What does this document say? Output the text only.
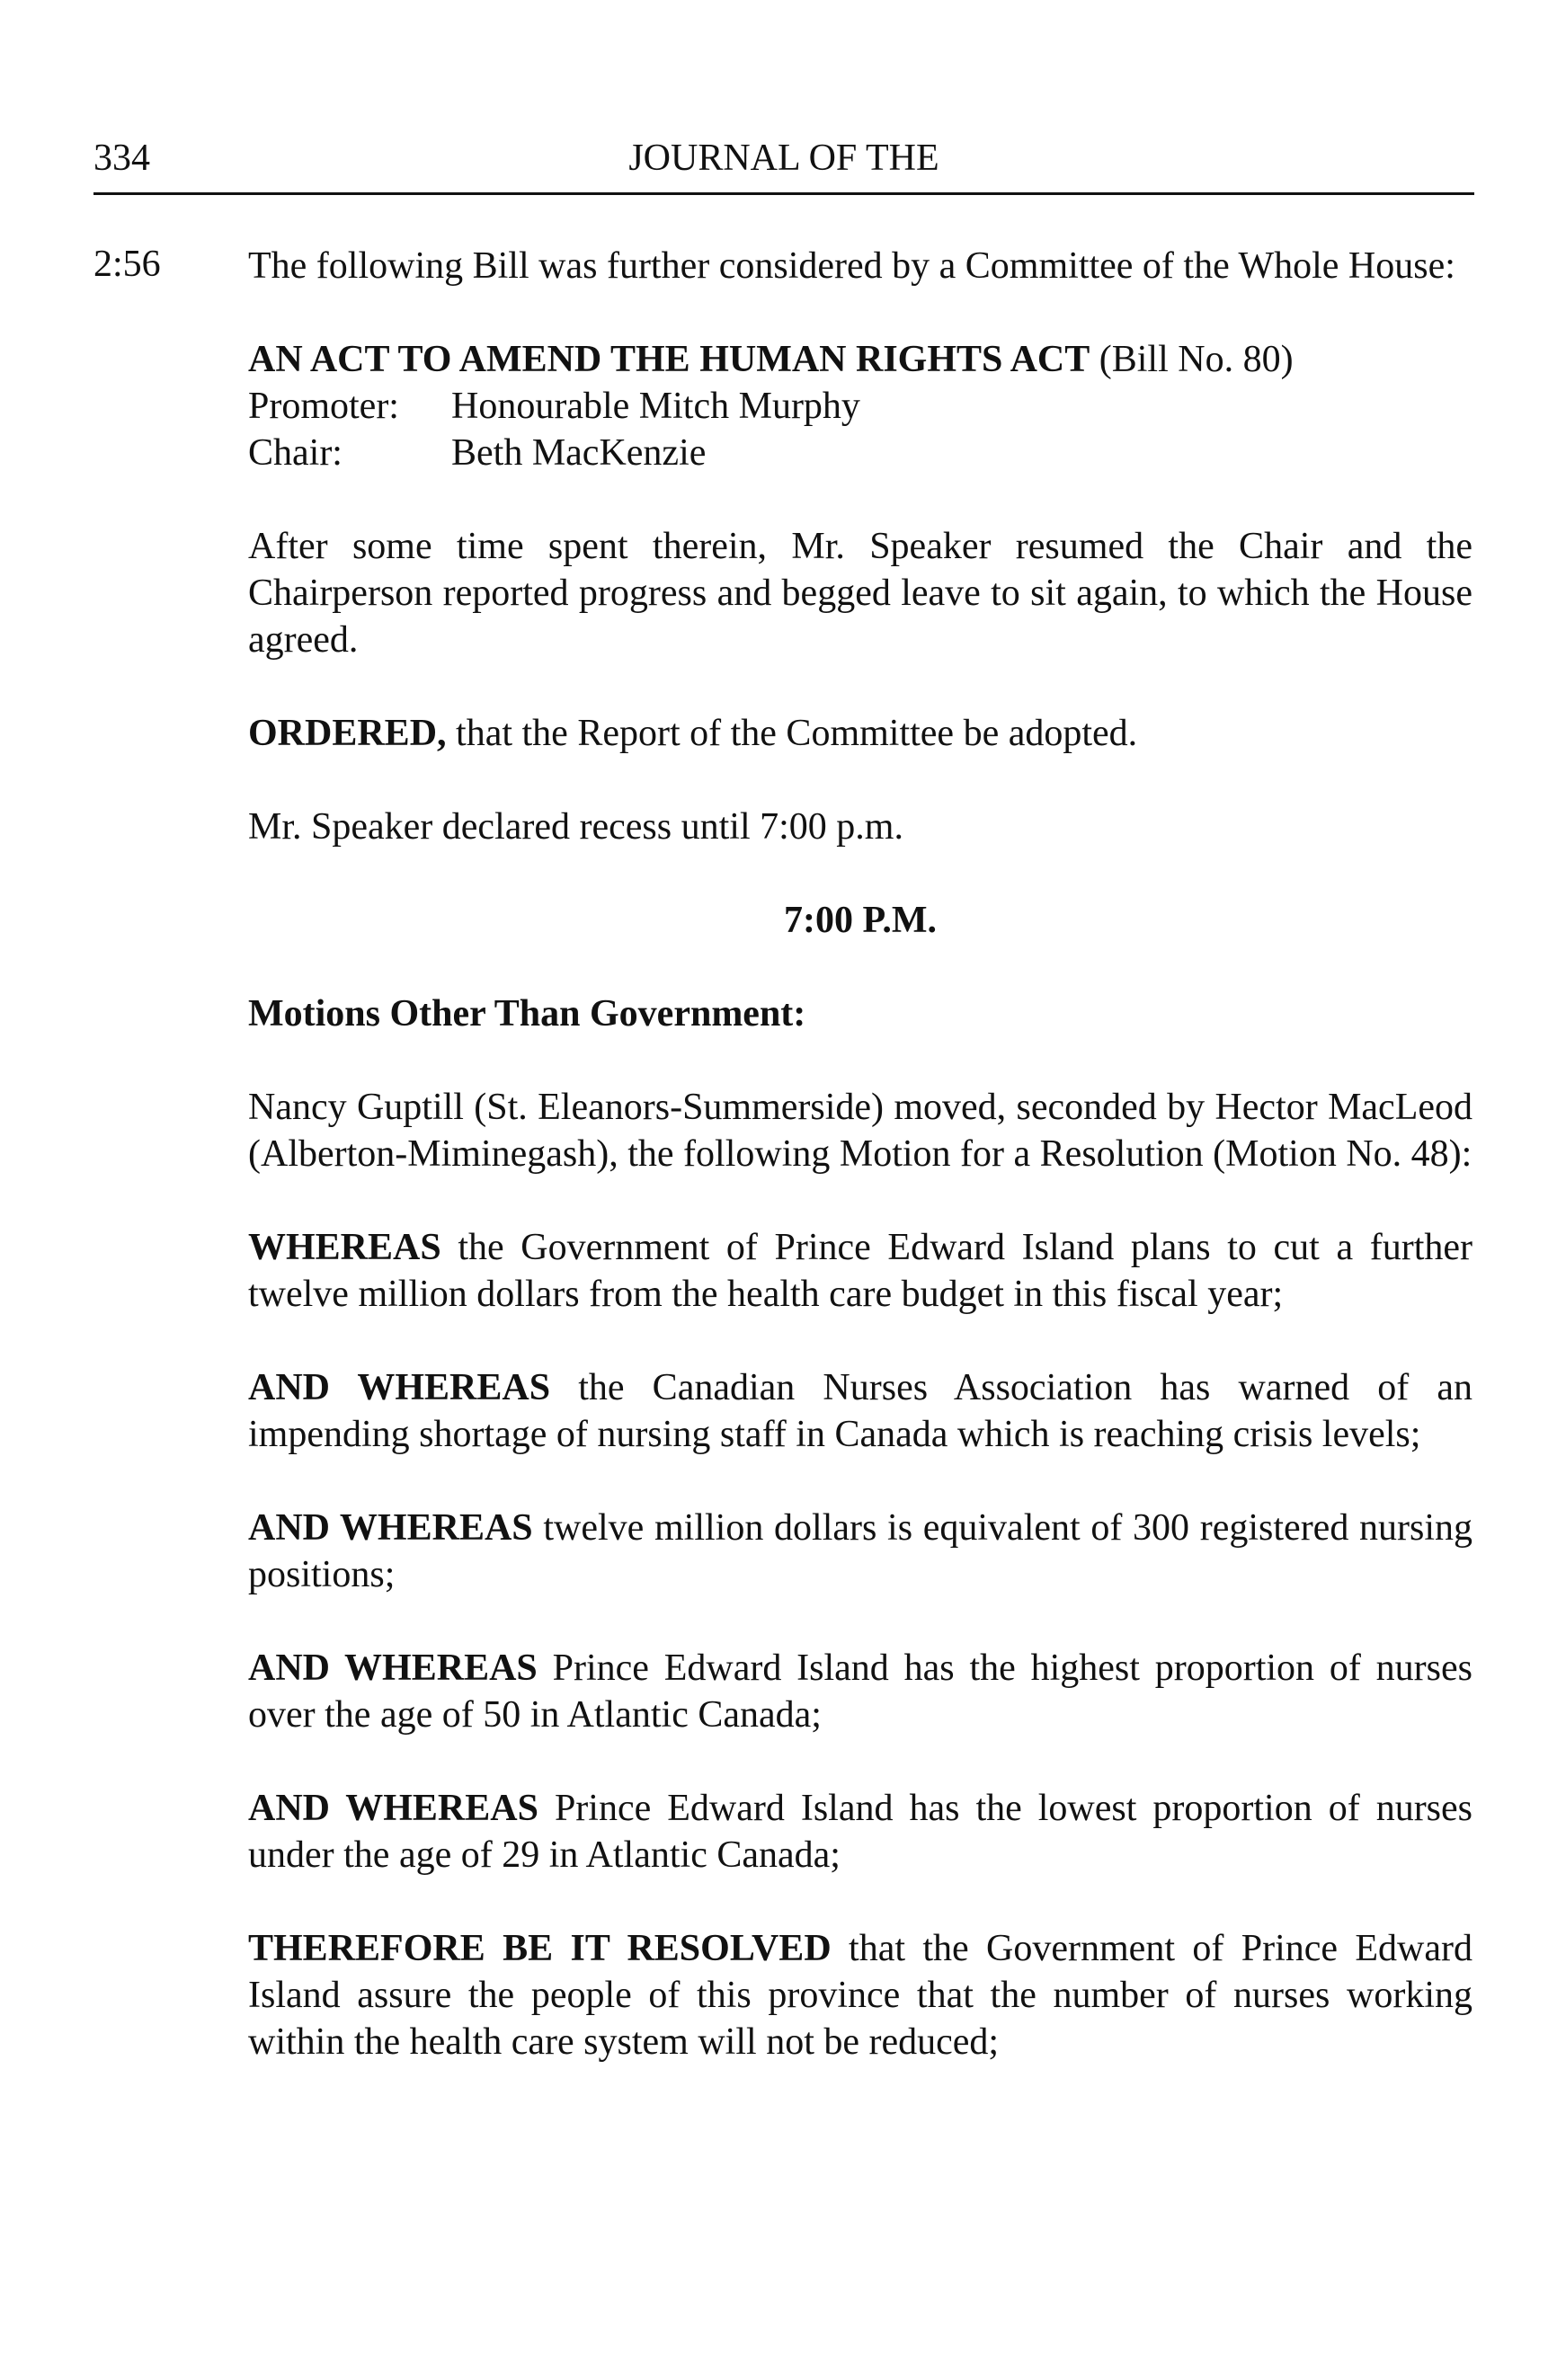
334	JOURNAL OF THE
2:56 The following Bill was further considered by a Committee of the Whole House:

AN ACT TO AMEND THE HUMAN RIGHTS ACT (Bill No. 80)

Promoter:	Honourable Mitch Murphy
Chair:	Beth MacKenzie

After some time spent therein, Mr. Speaker resumed the Chair and the Chairperson reported progress and begged leave to sit again, to which the House agreed.

ORDERED, that the Report of the Committee be adopted.

Mr. Speaker declared recess until 7:00 p.m.

7:00 P.M.

Motions Other Than Government:

Nancy Guptill (St. Eleanors-Summerside) moved, seconded by Hector MacLeod (Alberton-Miminegash), the following Motion for a Resolution (Motion No. 48):

WHEREAS the Government of Prince Edward Island plans to cut a further twelve million dollars from the health care budget in this fiscal year;

AND WHEREAS the Canadian Nurses Association has warned of an impending shortage of nursing staff in Canada which is reaching crisis levels;

AND WHEREAS twelve million dollars is equivalent of 300 registered nursing positions;

AND WHEREAS Prince Edward Island has the highest proportion of nurses over the age of 50 in Atlantic Canada;

AND WHEREAS Prince Edward Island has the lowest proportion of nurses under the age of 29 in Atlantic Canada;

THEREFORE BE IT RESOLVED that the Government of Prince Edward Island assure the people of this province that the number of nurses working within the health care system will not be reduced;
